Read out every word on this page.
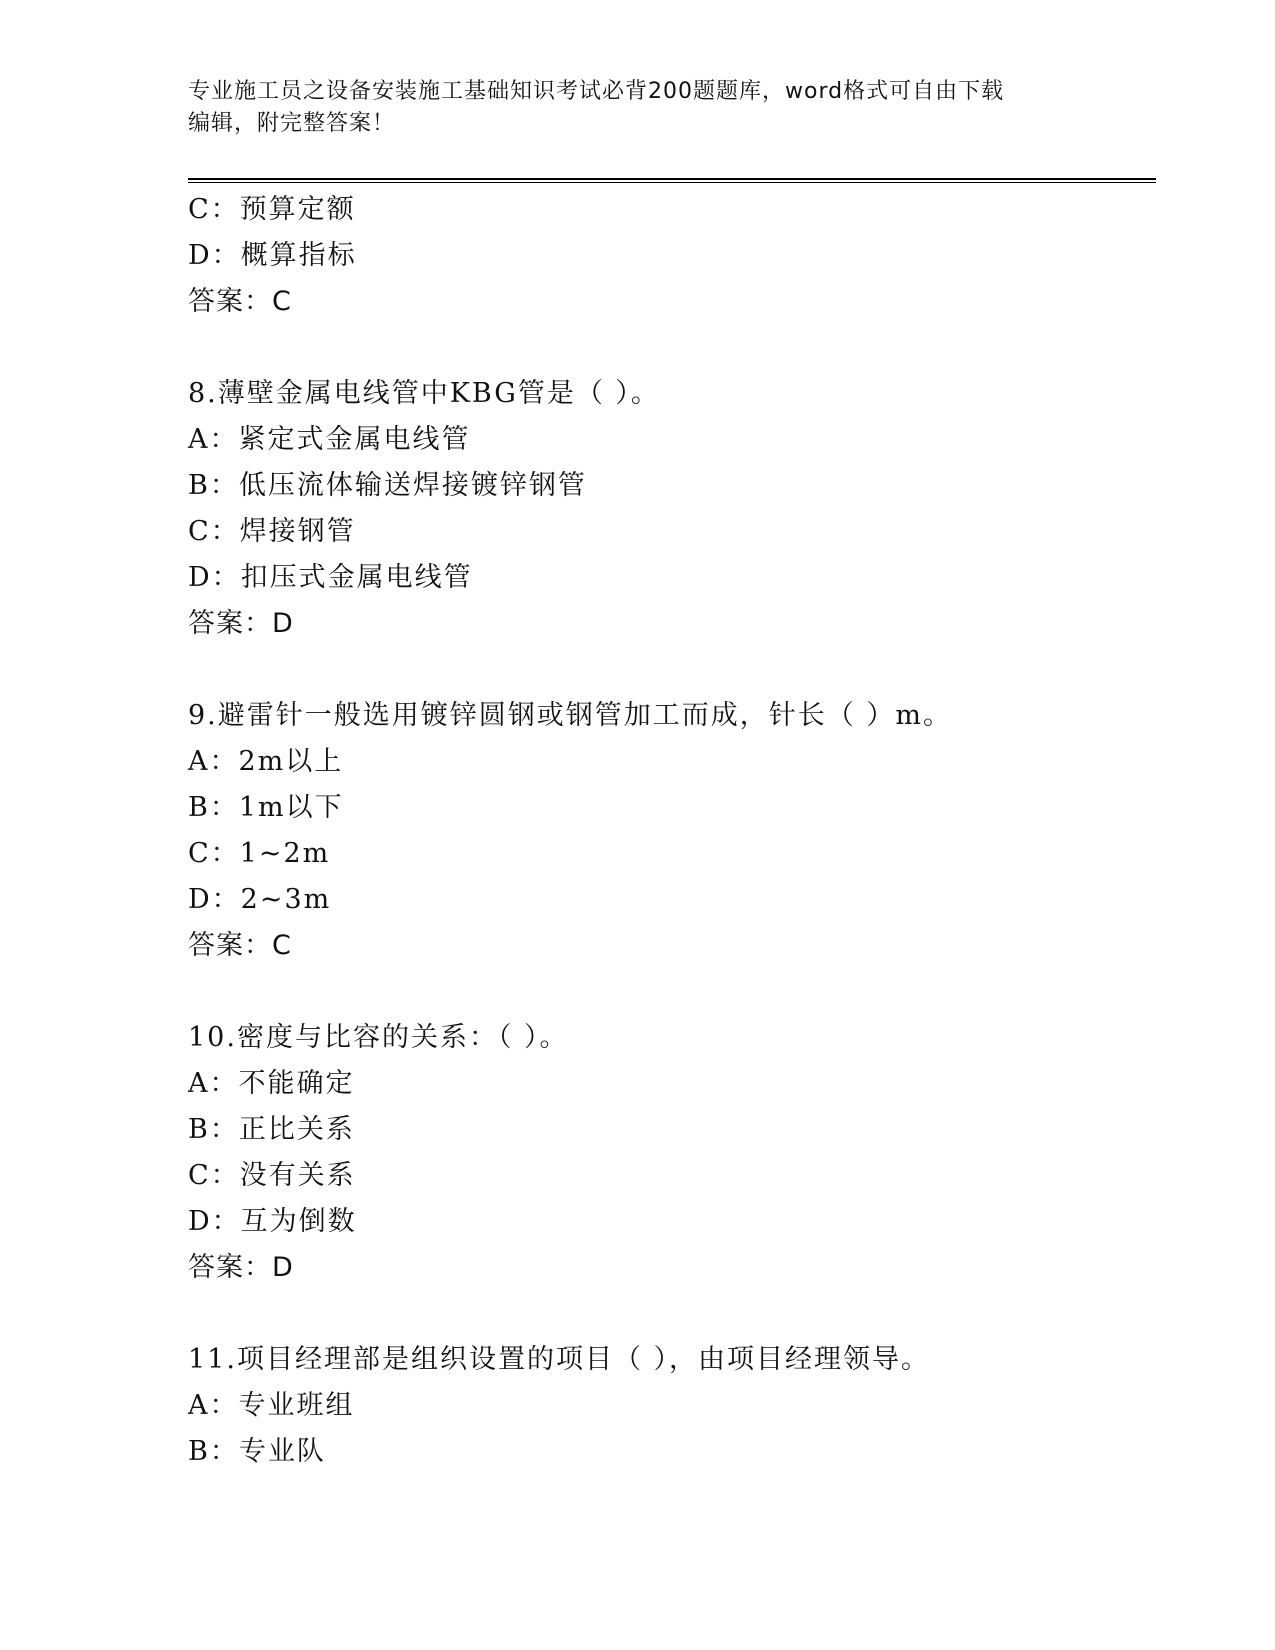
专业施工员之设备安装施工基础知识考试必背200题题库，word格式可自由下载
编辑，附完整答案！
C：预算定额
D：概算指标
答案：C
8.薄壁金属电线管中KBG管是（ ）。
A：紧定式金属电线管
B：低压流体输送焊接镀锌钢管
C：焊接钢管
D：扣压式金属电线管
答案：D
9.避雷针一般选用镀锌圆钢或钢管加工而成，针长（ ）m。
A：2m以上
B：1m以下
C：1~2m
D：2~3m
答案：C
10.密度与比容的关系：（ ）。
A：不能确定
B：正比关系
C：没有关系
D：互为倒数
答案：D
11.项目经理部是组织设置的项目（ ），由项目经理领导。
A：专业班组
B：专业队
